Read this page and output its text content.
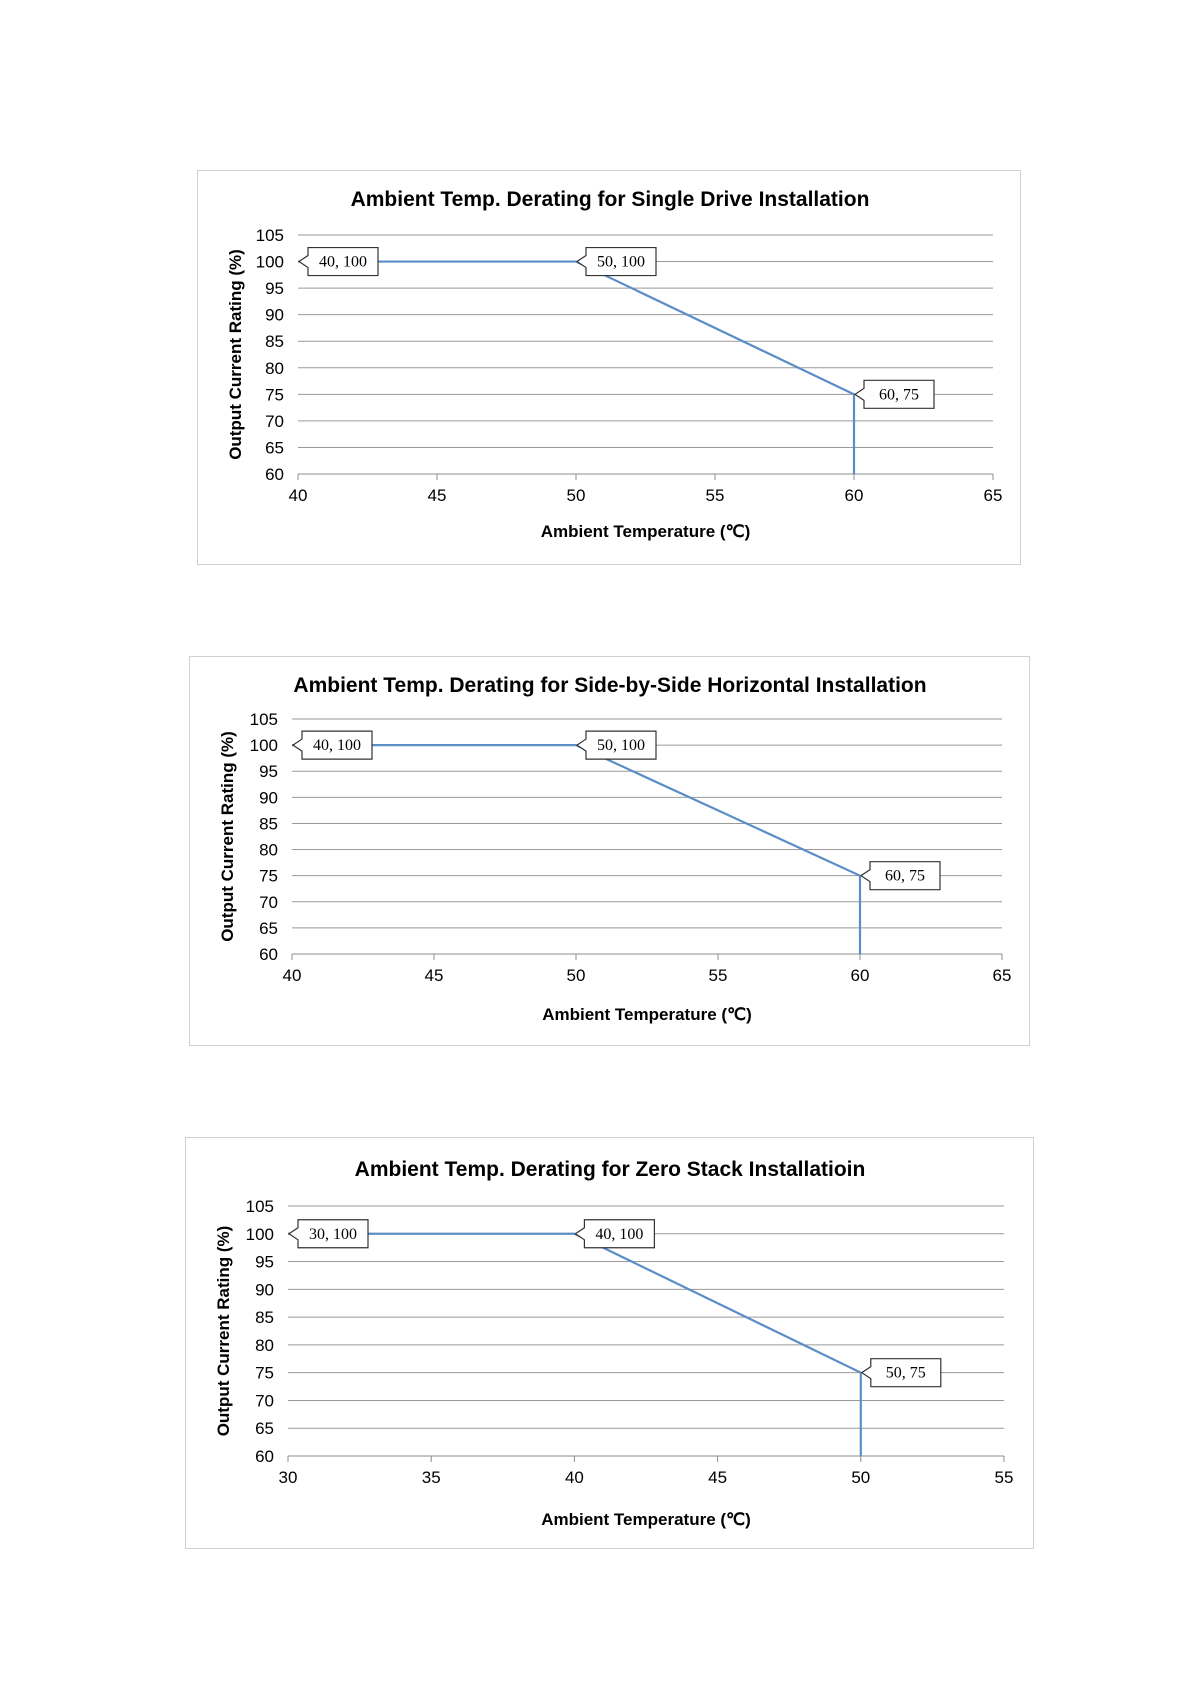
Ambient Temp. Derating for Single Drive Installation
60
65
70
75
80
85
90
95
100
105
40	45	50	55	60	65
Ambient Temperature (℃)
Output Current Rating (%)	40, 100	50, 100
60, 75
Ambient Temp. Derating for Side-by-Side Horizontal Installation
60
65
70
75
80
85
90
95
100
105
40	45	50	55	60	65
Ambient Temperature (℃)
Output Current Rating (%)	40, 100	50, 100
60, 75
Ambient Temp. Derating for Zero Stack Installatioin
60
65
70
75
80
85
90
95
100
105
30	35	40	45	50	55
Ambient Temperature (℃)
Output Current Rating (%)	30, 100	40, 100
50, 75
